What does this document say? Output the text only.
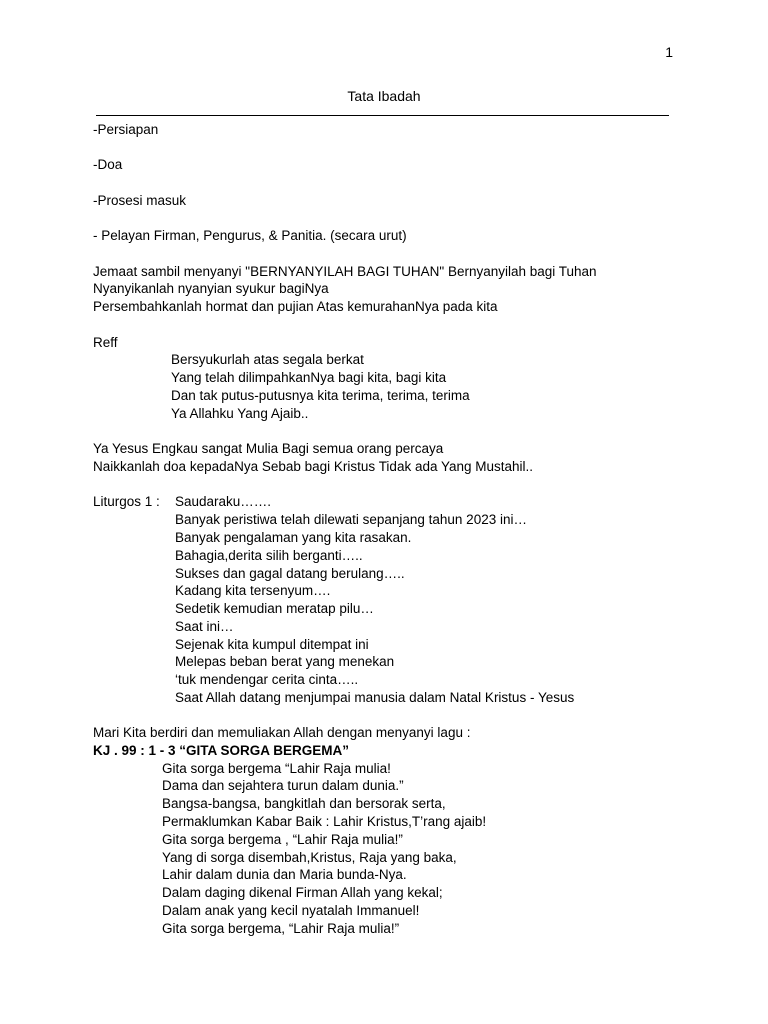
1
Tata Ibadah
-Persiapan
-Doa
-Prosesi masuk
- Pelayan Firman, Pengurus, & Panitia. (secara urut)
Jemaat sambil menyanyi "BERNYANYILAH BAGI TUHAN" Bernyanyilah bagi Tuhan
Nyanyikanlah nyanyian syukur bagiNya
Persembahkanlah hormat dan pujian Atas kemurahanNya pada kita
Reff
Bersyukurlah atas segala berkat
Yang telah dilimpahkanNya bagi kita, bagi kita
Dan tak putus-putusnya kita terima, terima, terima
Ya Allahku Yang Ajaib..
Ya Yesus Engkau sangat Mulia Bagi semua orang percaya
Naikkanlah doa kepadaNya Sebab bagi Kristus Tidak ada Yang Mustahil..
Liturgos 1 :	Saudaraku…….
Banyak peristiwa telah dilewati sepanjang tahun 2023 ini…
Banyak pengalaman yang kita rasakan.
Bahagia,derita silih berganti…..
Sukses dan gagal datang berulang…..
Kadang kita tersenyum….
Sedetik kemudian meratap pilu…
Saat ini…
Sejenak kita kumpul ditempat ini
Melepas beban berat yang menekan
‘tuk mendengar cerita cinta…..
Saat Allah datang menjumpai manusia dalam Natal Kristus - Yesus
Mari Kita berdiri dan memuliakan Allah dengan menyanyi lagu :
KJ . 99 : 1 - 3 “GITA SORGA BERGEMA”
Gita sorga bergema “Lahir Raja mulia!
Dama dan sejahtera turun dalam dunia.”
Bangsa-bangsa, bangkitlah dan bersorak serta,
Permaklumkan Kabar Baik : Lahir Kristus,T’rang ajaib!
Gita sorga bergema , “Lahir Raja mulia!”
Yang di sorga disembah,Kristus, Raja yang baka,
Lahir dalam dunia dan Maria bunda-Nya.
Dalam daging dikenal Firman Allah yang kekal;
Dalam anak yang kecil nyatalah Immanuel!
Gita sorga bergema, “Lahir Raja mulia!”
